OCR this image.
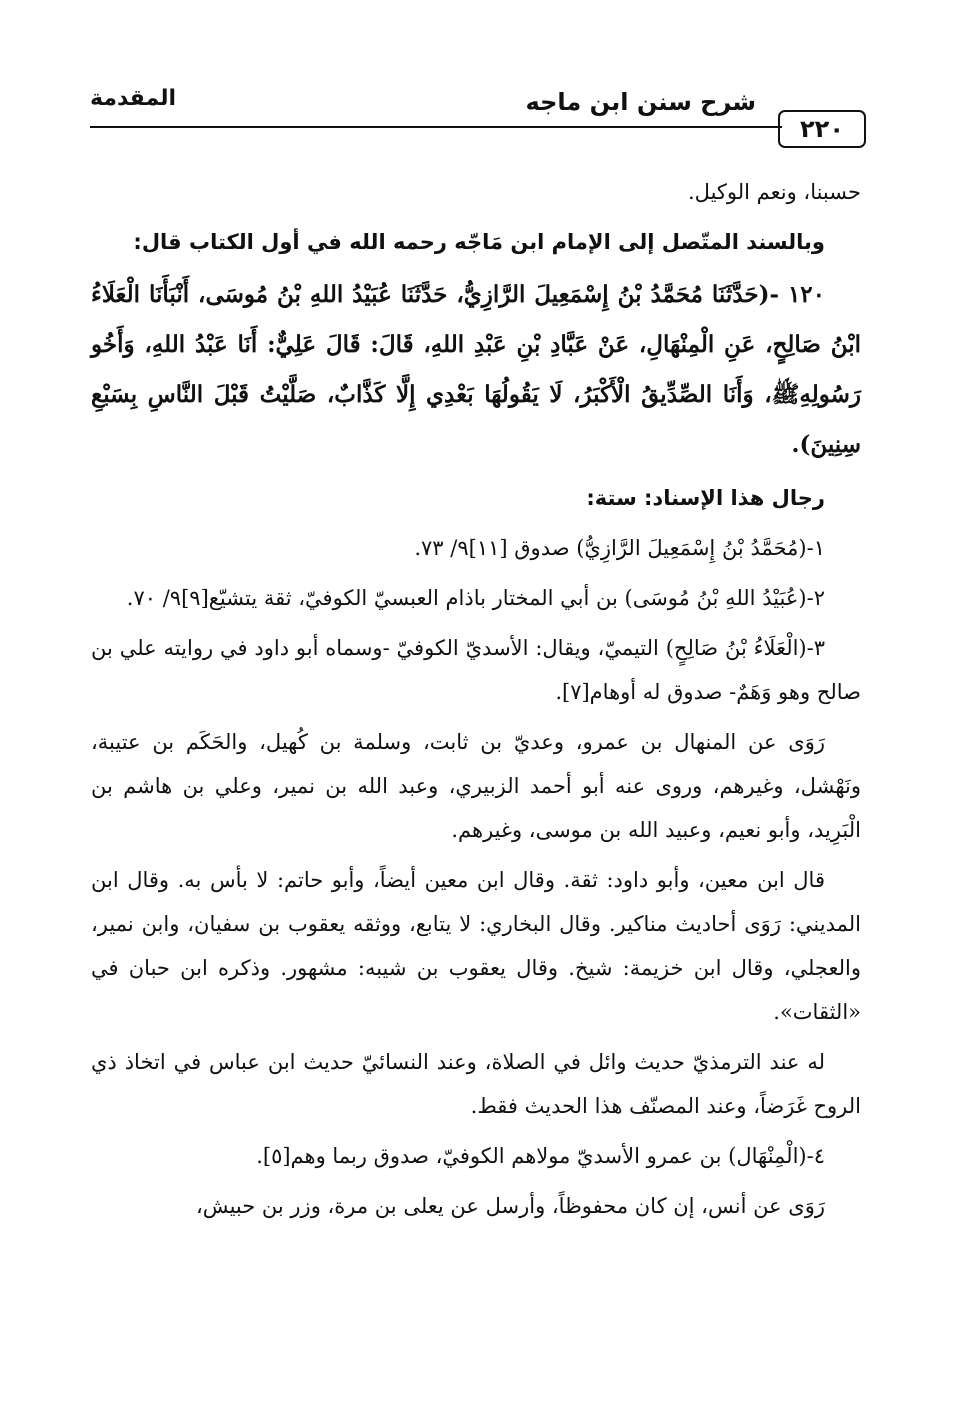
٢٢٠
شرح سنن ابن ماجه
المقدمة

حسبنا، ونعم الوكيل.

وبالسند المتّصل إلى الإمام ابن مَاجّه رحمه الله في أول الكتاب قال:

١٢٠ -(حَدَّثَنَا مُحَمَّدُ بْنُ إِسْمَعِيلَ الرَّازِيُّ، حَدَّثَنَا عُبَيْدُ اللهِ بْنُ مُوسَى، أَنْبَأَنَا الْعَلَاءُ ابْنُ صَالِحٍ، عَنِ الْمِنْهَالِ، عَنْ عَبَّادِ بْنِ عَبْدِ اللهِ، قَالَ: قَالَ عَلِيٌّ: أَنَا عَبْدُ اللهِ، وَأَخُو رَسُولِهِﷺ، وَأَنَا الصِّدِّيقُ الْأَكْبَرُ، لَا يَقُولُهَا بَعْدِي إِلَّا كَذَّابٌ، صَلَّيْتُ قَبْلَ النَّاسِ بِسَبْعِ سِنِينَ).

رجال هذا الإسناد: ستة:

١-(مُحَمَّدُ بْنُ إِسْمَعِيلَ الرَّازِيُّ) صدوق [١١]٩/ ٧٣.

٢-(عُبَيْدُ اللهِ بْنُ مُوسَى) بن أبي المختار باذام العبسيّ الكوفيّ، ثقة يتشيّع[٩]٩/ ٧٠.

٣-(الْعَلَاءُ بْنُ صَالِحٍ) التيميّ، ويقال: الأسديّ الكوفيّ -وسماه أبو داود في روايته علي بن صالح وهو وَهَمٌ- صدوق له أوهام[٧].

رَوَى عن المنهال بن عمرو، وعديّ بن ثابت، وسلمة بن كُهيل، والحَكَم بن عتيبة، ونَهْشل، وغيرهم، وروى عنه أبو أحمد الزبيري، وعبد الله بن نمير، وعلي بن هاشم بن الْبَرِيد، وأبو نعيم، وعبيد الله بن موسى، وغيرهم.

قال ابن معين، وأبو داود: ثقة. وقال ابن معين أيضاً، وأبو حاتم: لا بأس به. وقال ابن المديني: رَوَى أحاديث مناكير. وقال البخاري: لا يتابع، ووثقه يعقوب بن سفيان، وابن نمير، والعجلي، وقال ابن خزيمة: شيخ. وقال يعقوب بن شيبه: مشهور. وذكره ابن حبان في «الثقات».

له عند الترمذيّ حديث وائل في الصلاة، وعند النسائيّ حديث ابن عباس في اتخاذ ذي الروح غَرَضاً، وعند المصنّف هذا الحديث فقط.

٤-(الْمِنْهَال) بن عمرو الأسديّ مولاهم الكوفيّ، صدوق ربما وهم[٥].

رَوَى عن أنس، إن كان محفوظاً، وأرسل عن يعلى بن مرة، وزر بن حبيش،
